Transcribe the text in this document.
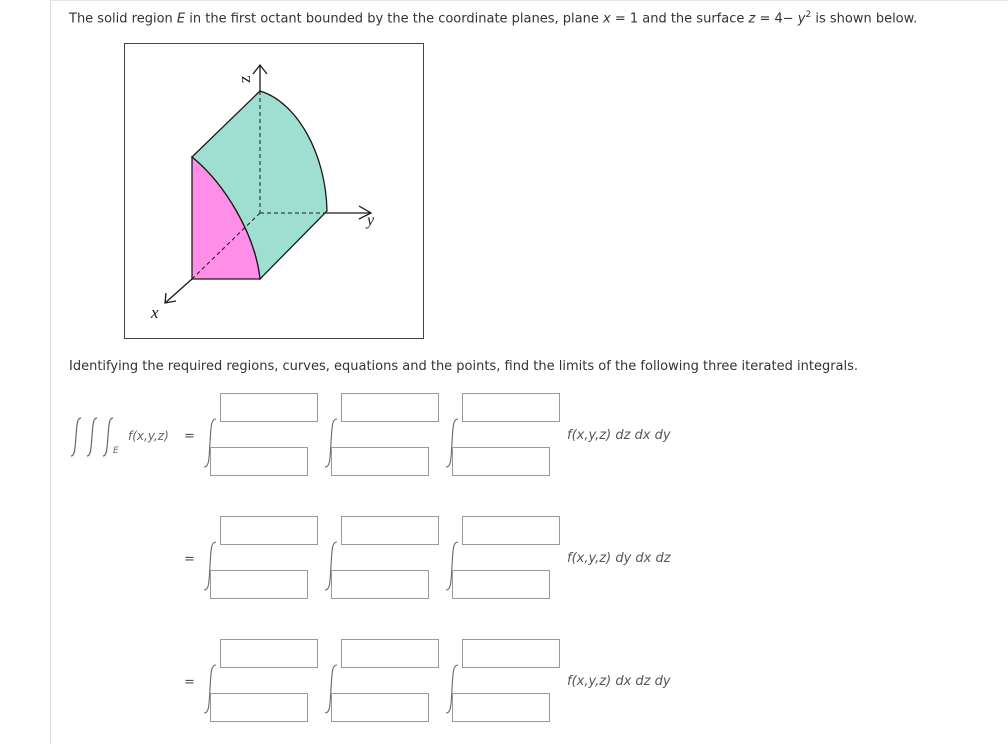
The solid region E in the first octant bounded by the the coordinate planes, plane x = 1 and the surface $z = 4- y^2$ is shown below.
z
y
x
Identifying the required regions, curves, equations and the points, find the limits of the following three iterated integrals.
E
f(x,y,z) =	f(x,y,z) dz dx dy
=	f(x,y,z) dy dx dz
=	f(x,y,z) dx dz dy
